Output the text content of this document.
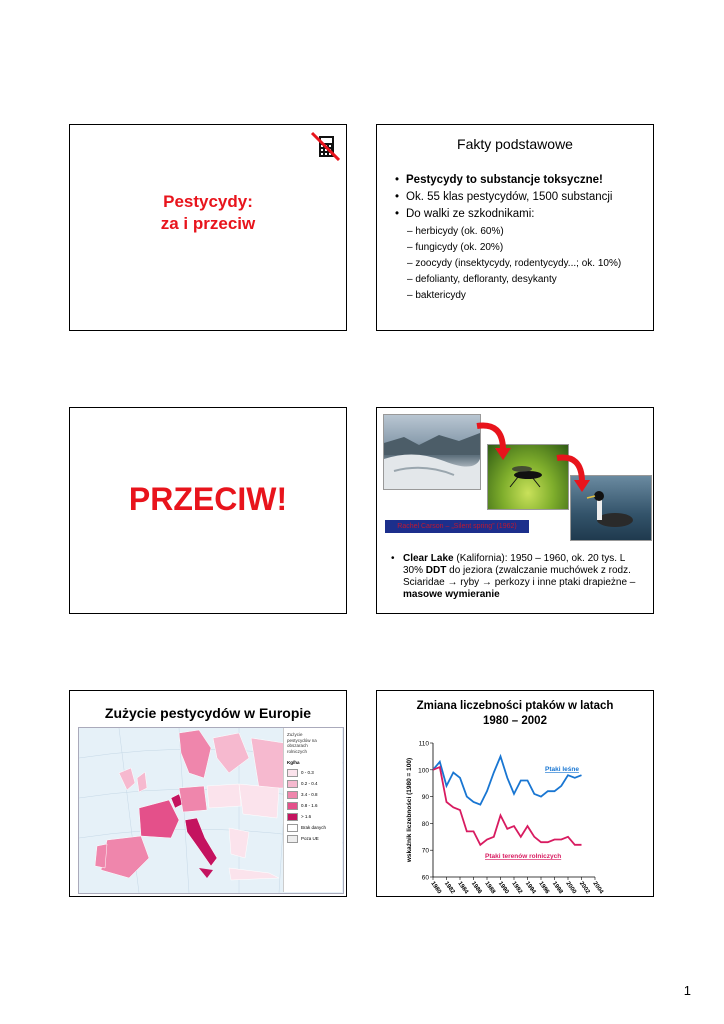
Pestycydy:
za i przeciw
Fakty podstawowe
• Pestycydy to substancje toksyczne!
• Ok. 55 klas pestycydów, 1500 substancji
• Do walki ze szkodnikami:
– herbicydy (ok. 60%)
– fungicydy (ok. 20%)
– zoocydy (insektycydy, rodentycydy...; ok. 10%)
– defolianty, defloranty, desykanty
– baktericydy
PRZECIW!
Rachel Carson – „Silent spring” (1962)
• Clear Lake (Kalifornia): 1950 – 1960, ok. 20 tys. L 30% DDT do jeziora (zwalczanie muchówek z rodz. Sciaridae → ryby → perkozy i inne ptaki drapieżne – masowe wymieranie
Zużycie pestycydów w Europie
Zużycie
pestycydów na
obszarach
rolniczych
Kg/ha
0 - 0.3
0.2 - 0.4
3.4 - 0.8
0.8 - 1.6
> 1.6
Brak danych
Poza UE
Zmiana liczebności ptaków w latach
1980 – 2002
60
70
80
90
100
110
1980 1982 1984 1986 1988 1990 1992 1994 1996 1998 2000 2002 2004
wskaźnik liczebności (1980 = 100)	Ptaki leśne
Ptaki terenów rolniczych
1
